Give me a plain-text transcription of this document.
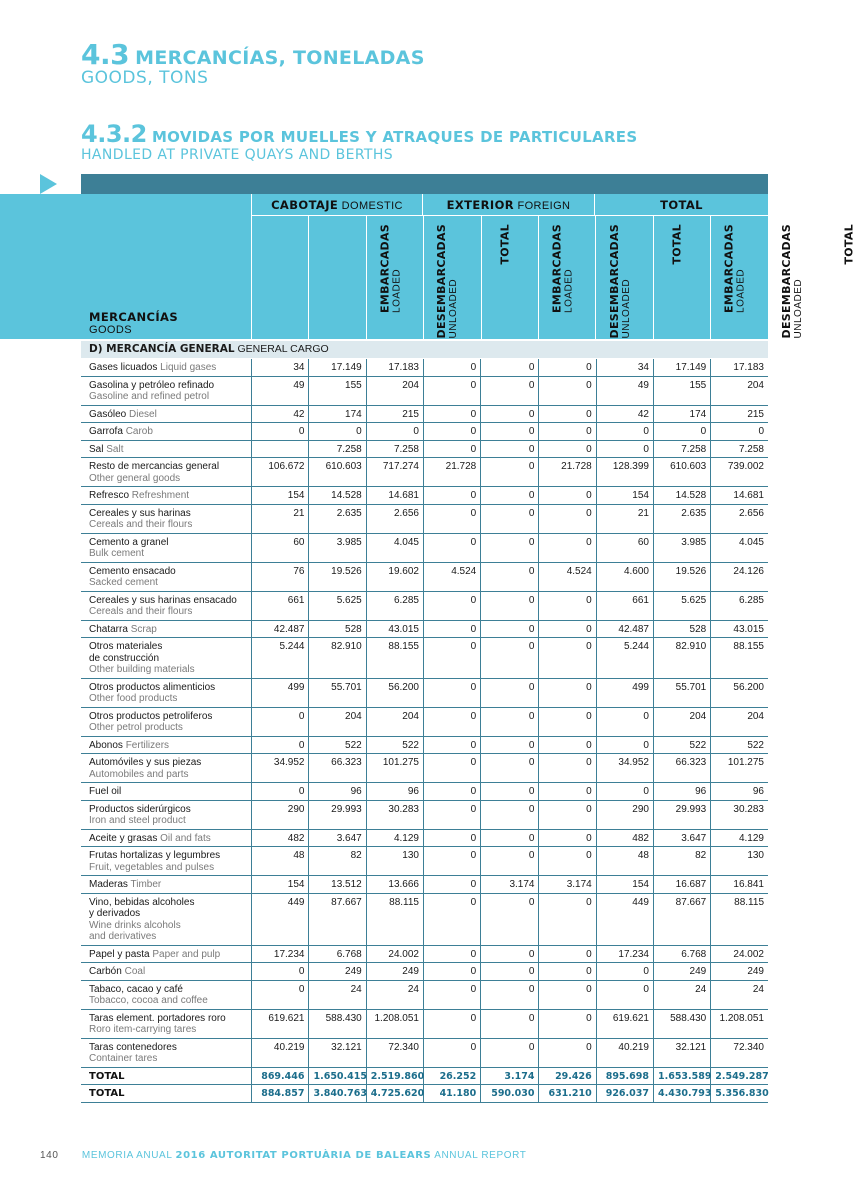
4.3 MERCANCÍAS, TONELADAS
GOODS, TONS
4.3.2 MOVIDAS POR MUELLES Y ATRAQUES DE PARTICULARES
HANDLED AT PRIVATE QUAYS AND BERTHS
MERCANCÍAS
GOODS
CABOTAJE DOMESTIC	EXTERIOR FOREIGN	TOTAL
EMBARCADAS LOADED	DESEMBARCADAS UNLOADED
TOTAL	EMBARCADAS LOADED	DESEMBARCADAS UNLOADED
TOTAL	EMBARCADAS LOADED	DESEMBARCADAS UNLOADED
TOTAL
D) MERCANCÍA GENERAL GENERAL CARGO
Gases licuados Liquid gases	34	17.149	17.183	0	0	0	34	17.149	17.183
Gasolina y petróleo refinado
Gasoline and refined petrol	49	155	204	0	0	0	49	155	204
Gasóleo Diesel	42	174	215	0	0	0	42	174	215
Garrofa Carob	0	0	0	0	0	0	0	0	0
Sal Salt		7.258	7.258	0	0	0	0	7.258	7.258
Resto de mercancias general
Other general goods	106.672	610.603	717.274	21.728	0	21.728	128.399	610.603	739.002
Refresco Refreshment	154	14.528	14.681	0	0	0	154	14.528	14.681
Cereales y sus harinas
Cereals and their flours	21	2.635	2.656	0	0	0	21	2.635	2.656
Cemento a granel
Bulk cement	60	3.985	4.045	0	0	0	60	3.985	4.045
Cemento ensacado
Sacked cement	76	19.526	19.602	4.524	0	4.524	4.600	19.526	24.126
Cereales y sus harinas ensacado
Cereals and their flours	661	5.625	6.285	0	0	0	661	5.625	6.285
Chatarra Scrap	42.487	528	43.015	0	0	0	42.487	528	43.015
Otros materiales
de construcción
Other building materials	5.244	82.910	88.155	0	0	0	5.244	82.910	88.155
Otros productos alimenticios
Other food products	499	55.701	56.200	0	0	0	499	55.701	56.200
Otros productos petroliferos
Other petrol products	0	204	204	0	0	0	0	204	204
Abonos Fertilizers	0	522	522	0	0	0	0	522	522
Automóviles y sus piezas
Automobiles and parts	34.952	66.323	101.275	0	0	0	34.952	66.323	101.275
Fuel oil	0	96	96	0	0	0	0	96	96
Productos siderúrgicos
Iron and steel product	290	29.993	30.283	0	0	0	290	29.993	30.283
Aceite y grasas Oil and fats	482	3.647	4.129	0	0	0	482	3.647	4.129
Frutas hortalizas y legumbres
Fruit, vegetables and pulses	48	82	130	0	0	0	48	82	130
Maderas Timber	154	13.512	13.666	0	3.174	3.174	154	16.687	16.841
Vino, bebidas alcoholes
y derivados
Wine drinks alcohols
and derivatives	449	87.667	88.115	0	0	0	449	87.667	88.115
Papel y pasta Paper and pulp	17.234	6.768	24.002	0	0	0	17.234	6.768	24.002
Carbón Coal	0	249	249	0	0	0	0	249	249
Tabaco, cacao y café
Tobacco, cocoa and coffee	0	24	24	0	0	0	0	24	24
Taras element. portadores roro
Roro item-carrying tares	619.621	588.430	1.208.051	0	0	0	619.621	588.430	1.208.051
Taras contenedores
Container tares	40.219	32.121	72.340	0	0	0	40.219	32.121	72.340
TOTAL	869.446	1.650.415	2.519.860	26.252	3.174	29.426	895.698	1.653.589	2.549.287
TOTAL	884.857	3.840.763	4.725.620	41.180	590.030	631.210	926.037	4.430.793	5.356.830
140 MEMORIA ANUAL 2016 AUTORITAT PORTUÀRIA DE BALEARS ANNUAL REPORT
